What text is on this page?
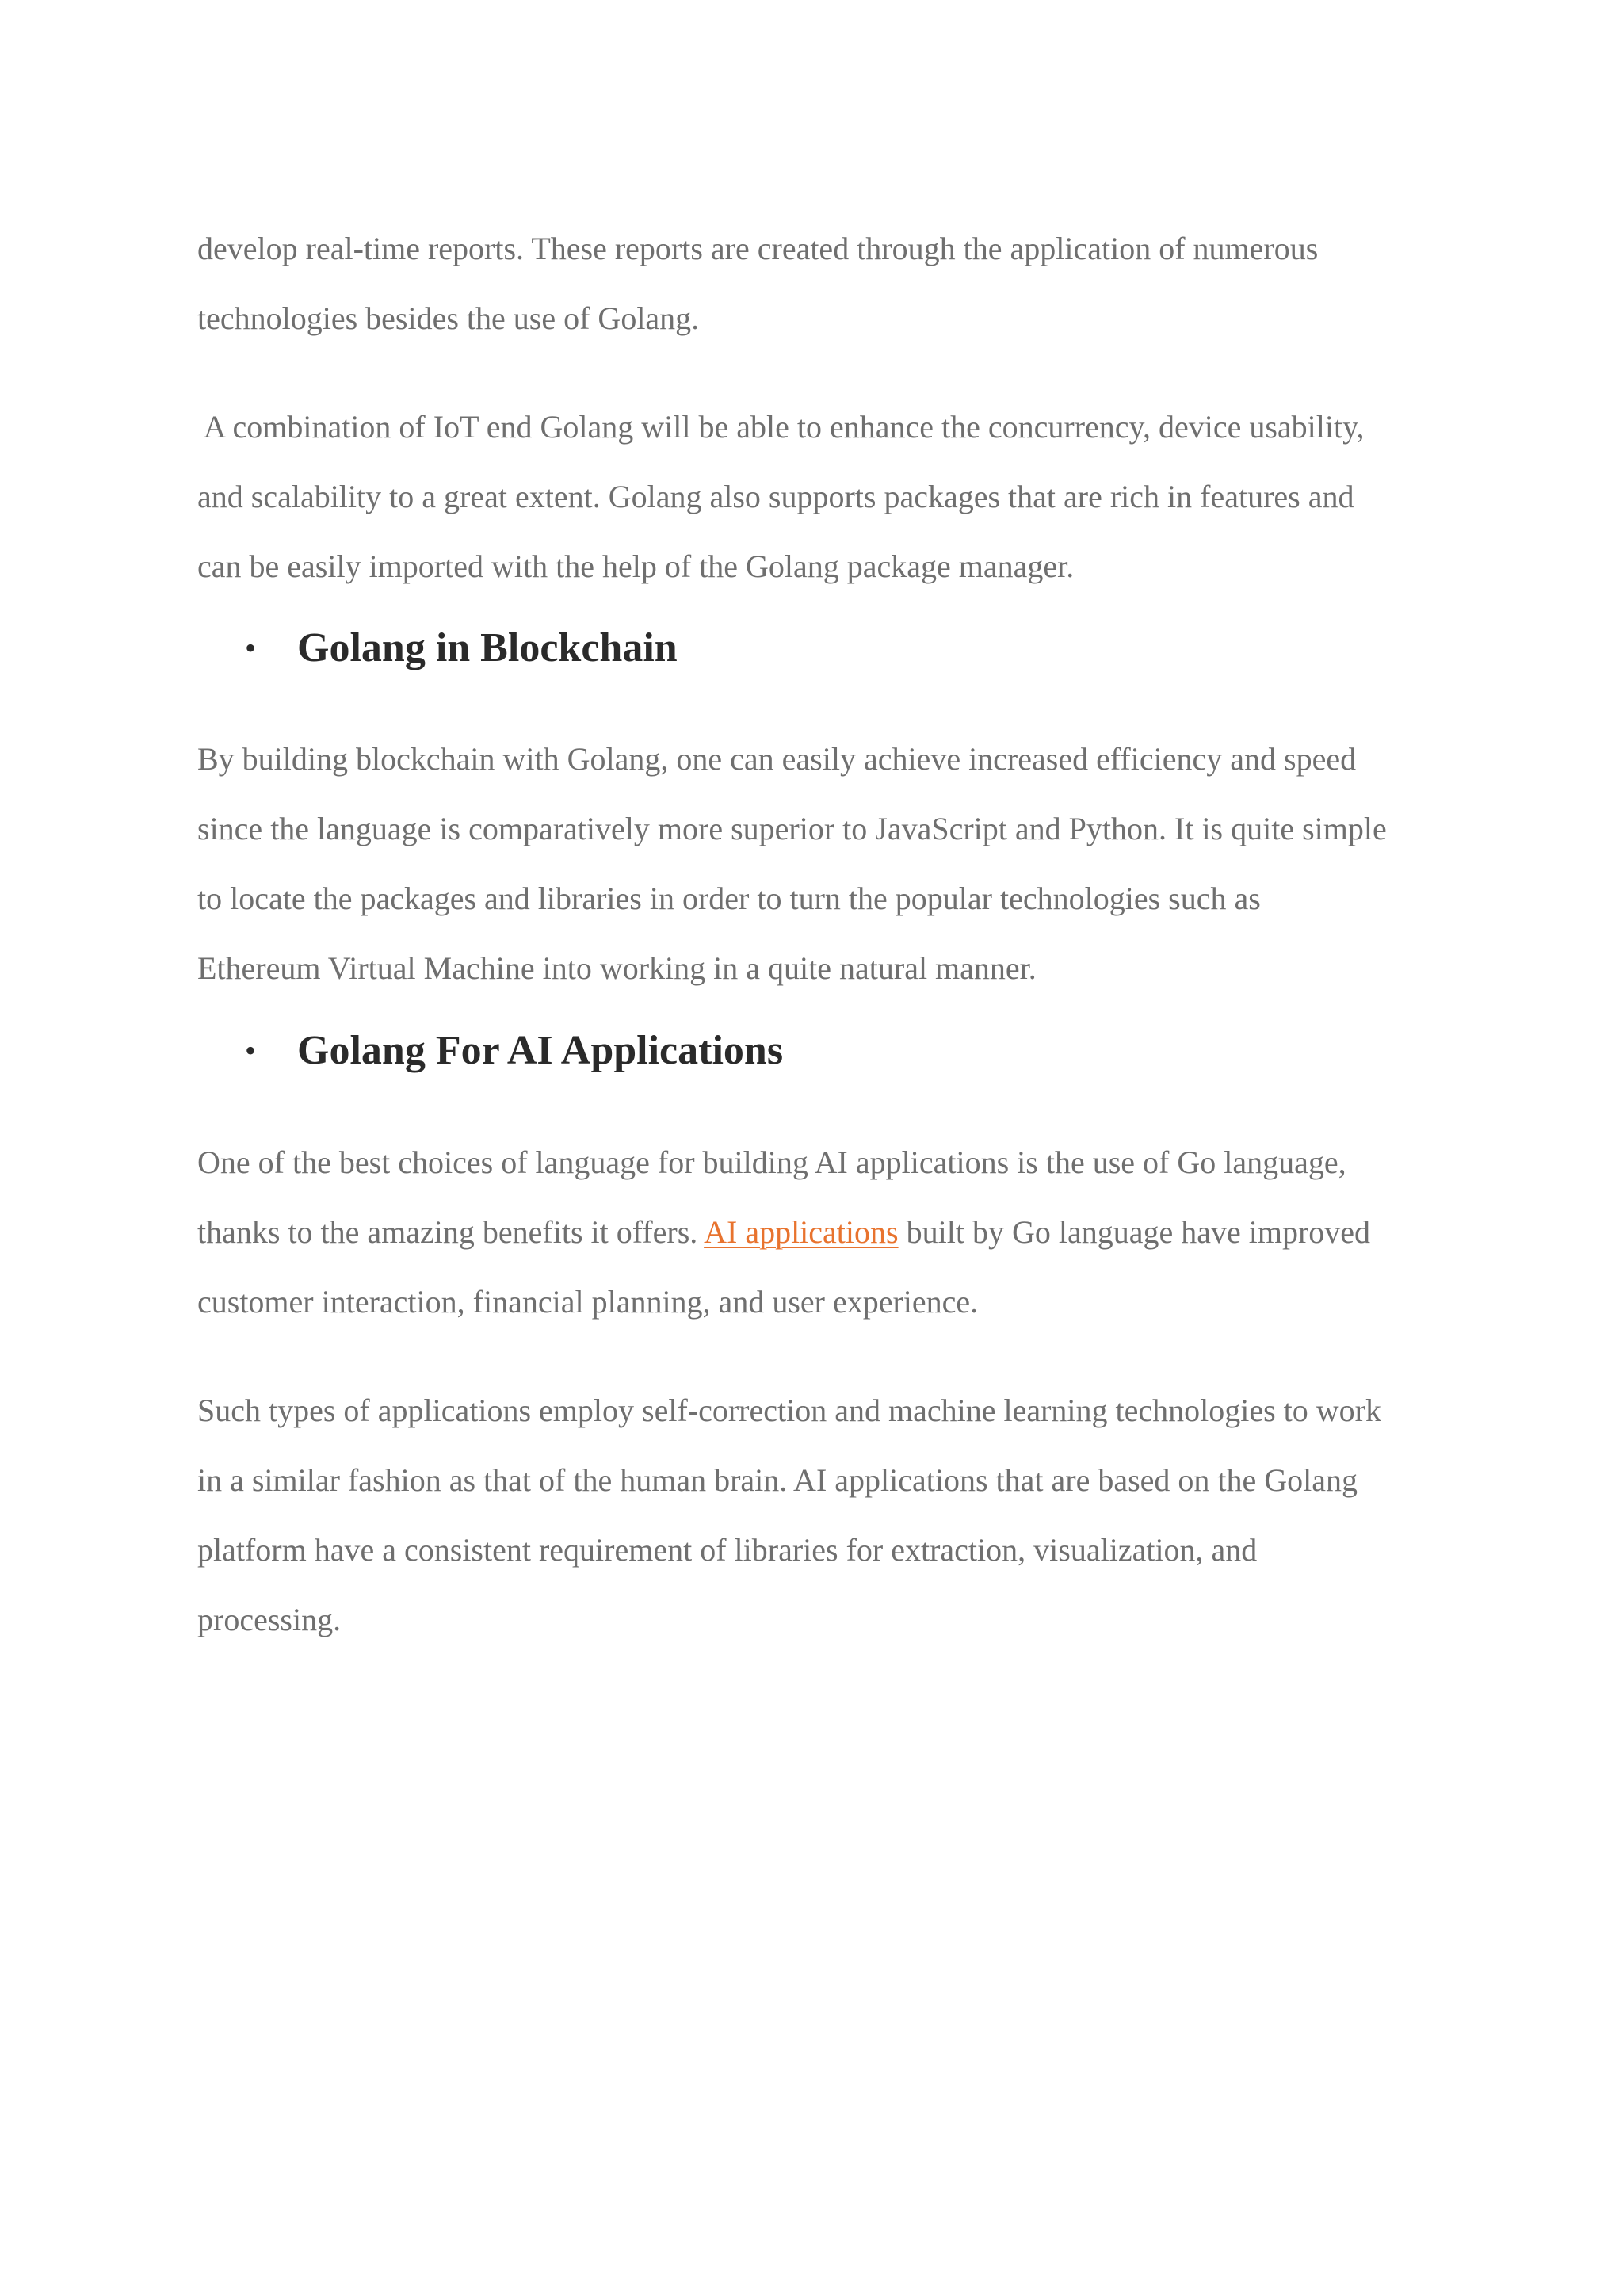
develop real-time reports. These reports are created through the application of numerous
technologies besides the use of Golang.

A combination of IoT end Golang will be able to enhance the concurrency, device usability,
and scalability to a great extent. Golang also supports packages that are rich in features and
can be easily imported with the help of the Golang package manager.

• Golang in Blockchain

By building blockchain with Golang, one can easily achieve increased efficiency and speed
since the language is comparatively more superior to JavaScript and Python. It is quite simple
to locate the packages and libraries in order to turn the popular technologies such as
Ethereum Virtual Machine into working in a quite natural manner.

• Golang For AI Applications

One of the best choices of language for building AI applications is the use of Go language,
thanks to the amazing benefits it offers. AI applications built by Go language have improved
customer interaction, financial planning, and user experience.

Such types of applications employ self-correction and machine learning technologies to work
in a similar fashion as that of the human brain. AI applications that are based on the Golang
platform have a consistent requirement of libraries for extraction, visualization, and
processing.
